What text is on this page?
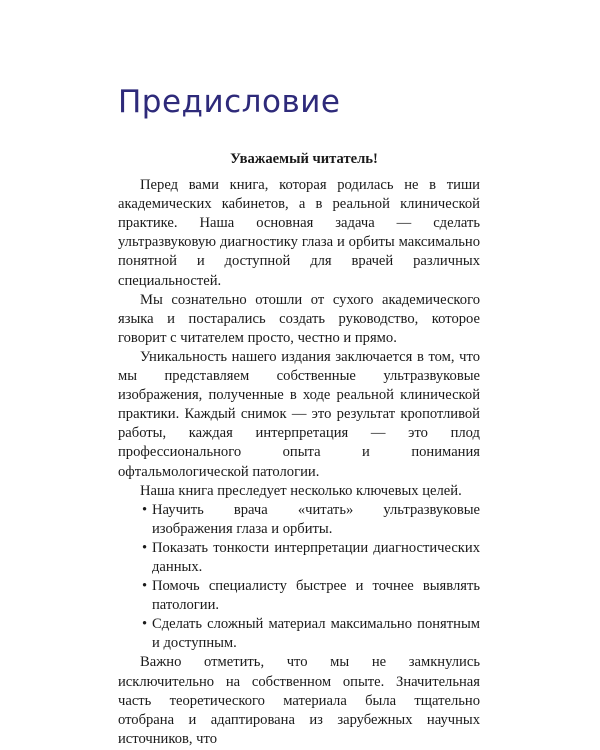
Предисловие

Уважаемый читатель!

Перед вами книга, которая родилась не в тиши академических кабинетов, а в реальной клинической практике. Наша основная задача — сделать ультразвуковую диагностику глаза и орбиты максимально понятной и доступной для врачей различных специальностей.

Мы сознательно отошли от сухого академического языка и постарались создать руководство, которое говорит с читателем просто, честно и прямо.

Уникальность нашего издания заключается в том, что мы представляем собственные ультразвуковые изображения, полученные в ходе реальной клинической практики. Каждый снимок — это результат кропотливой работы, каждая интерпретация — это плод профессионального опыта и понимания офтальмологической патологии.

Наша книга преследует несколько ключевых целей.

• Научить врача «читать» ультразвуковые изображения глаза и орбиты.
• Показать тонкости интерпретации диагностических данных.
• Помочь специалисту быстрее и точнее выявлять патологии.
• Сделать сложный материал максимально понятным и доступным.

Важно отметить, что мы не замкнулись исключительно на собственном опыте. Значительная часть теоретического материала была тщательно отобрана и адаптирована из зарубежных научных источников, что
